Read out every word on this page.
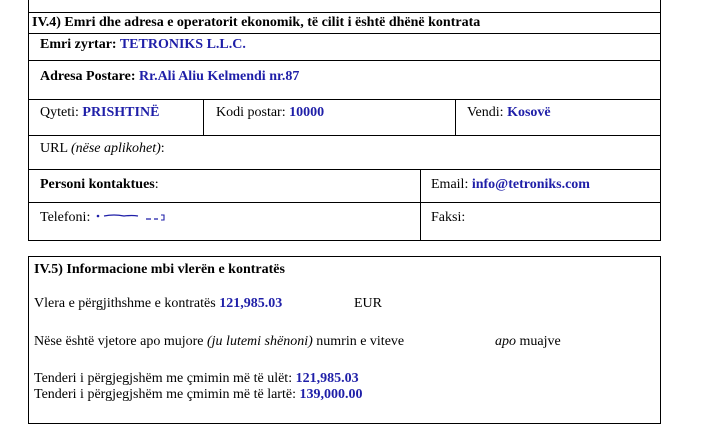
IV.4) Emri dhe adresa e operatorit ekonomik, të cilit i është dhënë kontrata
Emri zyrtar: TETRONIKS L.L.C.
Adresa Postare: Rr.Ali Aliu Kelmendi nr.87
Qyteti: PRISHTINË	Kodi postar: 10000	Vendi: Kosovë
URL (nëse aplikohet):
Personi kontaktues:	Email: info@tetroniks.com
Telefoni:	Faksi:
IV.5) Informacione mbi vlerën e kontratës
Vlera e përgjithshme e kontratës 121,985.03	EUR
Nëse është vjetore apo mujore (ju lutemi shënoni) numrin e viteve	apo muajve
Tenderi i përgjegjshëm me çmimin më të ulët: 121,985.03
Tenderi i përgjegjshëm me çmimin më të lartë: 139,000.00
